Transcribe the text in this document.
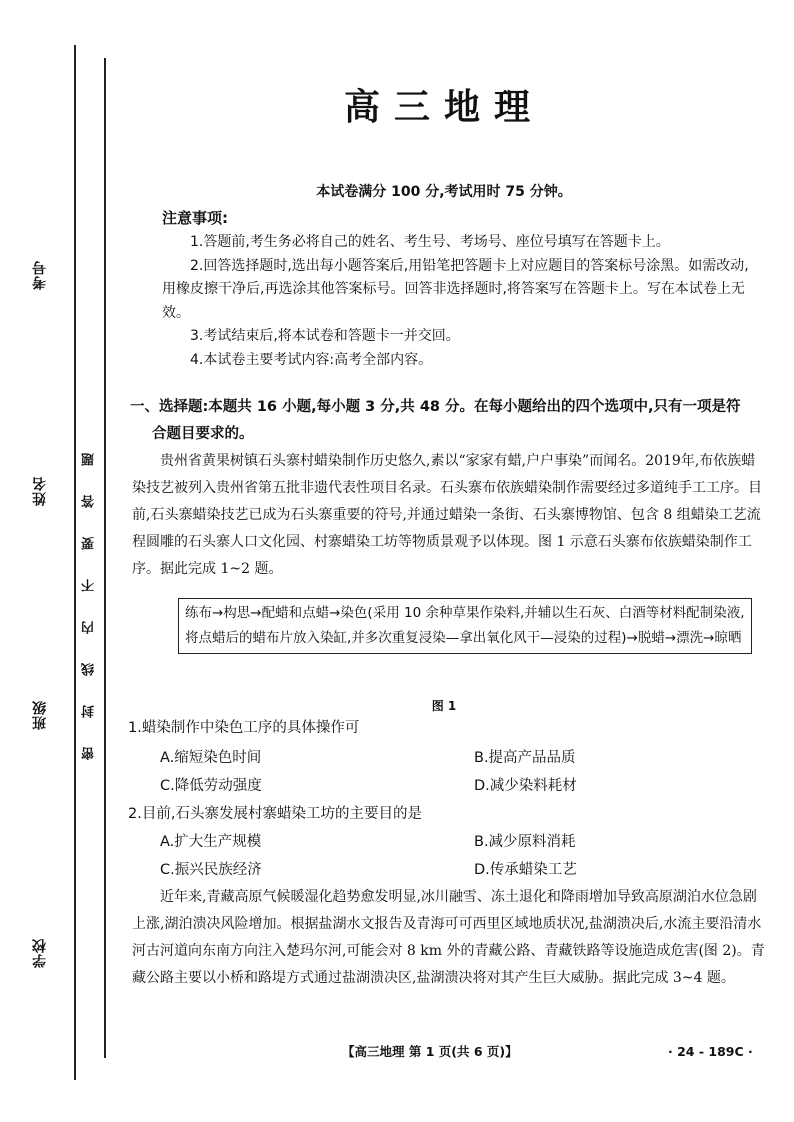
考号
姓名
班级
学校
密封线内不要答题
高三地理
本试卷满分 100 分,考试用时 75 分钟。
注意事项:

1.答题前,考生务必将自己的姓名、考生号、考场号、座位号填写在答题卡上。

2.回答选择题时,选出每小题答案后,用铅笔把答题卡上对应题目的答案标号涂黑。如需改动,用橡皮擦干净后,再选涂其他答案标号。回答非选择题时,将答案写在答题卡上。写在本试卷上无效。

3.考试结束后,将本试卷和答题卡一并交回。

4.本试卷主要考试内容:高考全部内容。

一、选择题:本题共 16 小题,每小题 3 分,共 48 分。在每小题给出的四个选项中,只有一项是符
合题目要求的。

贵州省黄果树镇石头寨村蜡染制作历史悠久,素以“家家有蜡,户户事染”而闻名。2019年,布依族蜡染技艺被列入贵州省第五批非遗代表性项目名录。石头寨布依族蜡染制作需要经过多道纯手工工序。目前,石头寨蜡染技艺已成为石头寨重要的符号,并通过蜡染一条街、石头寨博物馆、包含 8 组蜡染工艺流程圆雕的石头寨人口文化园、村寨蜡染工坊等物质景观予以体现。图 1 示意石头寨布依族蜡染制作工序。据此完成 1~2 题。

练布→构思→配蜡和点蜡→染色(采用 10 余种草果作染料,并辅以生石灰、白酒等材料配制染液,将点蜡后的蜡布片放入染缸,并多次重复浸染—拿出氧化风干—浸染的过程)→脱蜡→漂洗→晾晒
图 1
1.蜡染制作中染色工序的具体操作可
A.缩短染色时间	B.提高产品品质
C.降低劳动强度	D.减少染料耗材
2.目前,石头寨发展村寨蜡染工坊的主要目的是
A.扩大生产规模	B.减少原料消耗
C.振兴民族经济	D.传承蜡染工艺

近年来,青藏高原气候暖湿化趋势愈发明显,冰川融雪、冻土退化和降雨增加导致高原湖泊水位急剧上涨,湖泊溃决风险增加。根据盐湖水文报告及青海可可西里区域地质状况,盐湖溃决后,水流主要沿清水河古河道向东南方向注入楚玛尔河,可能会对 8 km 外的青藏公路、青藏铁路等设施造成危害(图 2)。青藏公路主要以小桥和路堤方式通过盐湖溃决区,盐湖溃决将对其产生巨大威胁。据此完成 3~4 题。

【高三地理 第 1 页(共 6 页)】	· 24 - 189C ·
